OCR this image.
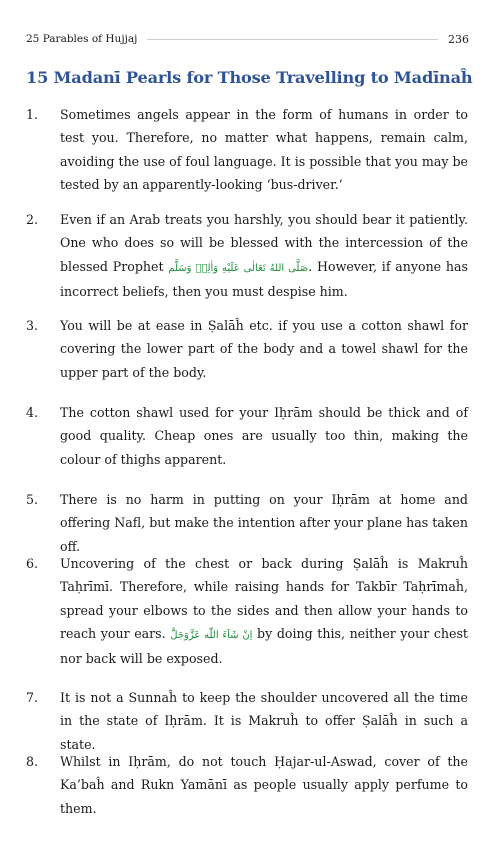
25 Parables of Hujjaj	236
15 Madanī Pearls for Those Travelling to Madīnaĥ
1. Sometimes angels appear in the form of humans in order to test you. Therefore, no matter what happens, remain calm, avoiding the use of foul language. It is possible that you may be tested by an apparently-looking ‘bus-driver.’
2. Even if an Arab treats you harshly, you should bear it patiently. One who does so will be blessed with the intercession of the blessed Prophet صَلَّى اللهُ تَعَالٰى عَلَيْهِ وَاٰلِهٖ وَسَلَّم. However, if anyone has incorrect beliefs, then you must despise him.
3. You will be at ease in Ṣalāĥ etc. if you use a cotton shawl for covering the lower part of the body and a towel shawl for the upper part of the body.
4. The cotton shawl used for your Iḥrām should be thick and of good quality. Cheap ones are usually too thin, making the colour of thighs apparent.
5. There is no harm in putting on your Iḥrām at home and offering Nafl, but make the intention after your plane has taken off.
6. Uncovering of the chest or back during Ṣalāĥ is Makruĥ Taḥrīmī. Therefore, while raising hands for Takbīr Taḥrīmaĥ, spread your elbows to the sides and then allow your hands to reach your ears. اِنْ شَآءَ اللّٰه عَزَّوَجَلَّ by doing this, neither your chest nor back will be exposed.
7. It is not a Sunnaĥ to keep the shoulder uncovered all the time in the state of Iḥrām. It is Makruĥ to offer Ṣalāĥ in such a state.
8. Whilst in Iḥrām, do not touch Ḥajar-ul-Aswad, cover of the Ka’baĥ and Rukn Yamānī as people usually apply perfume to them.
